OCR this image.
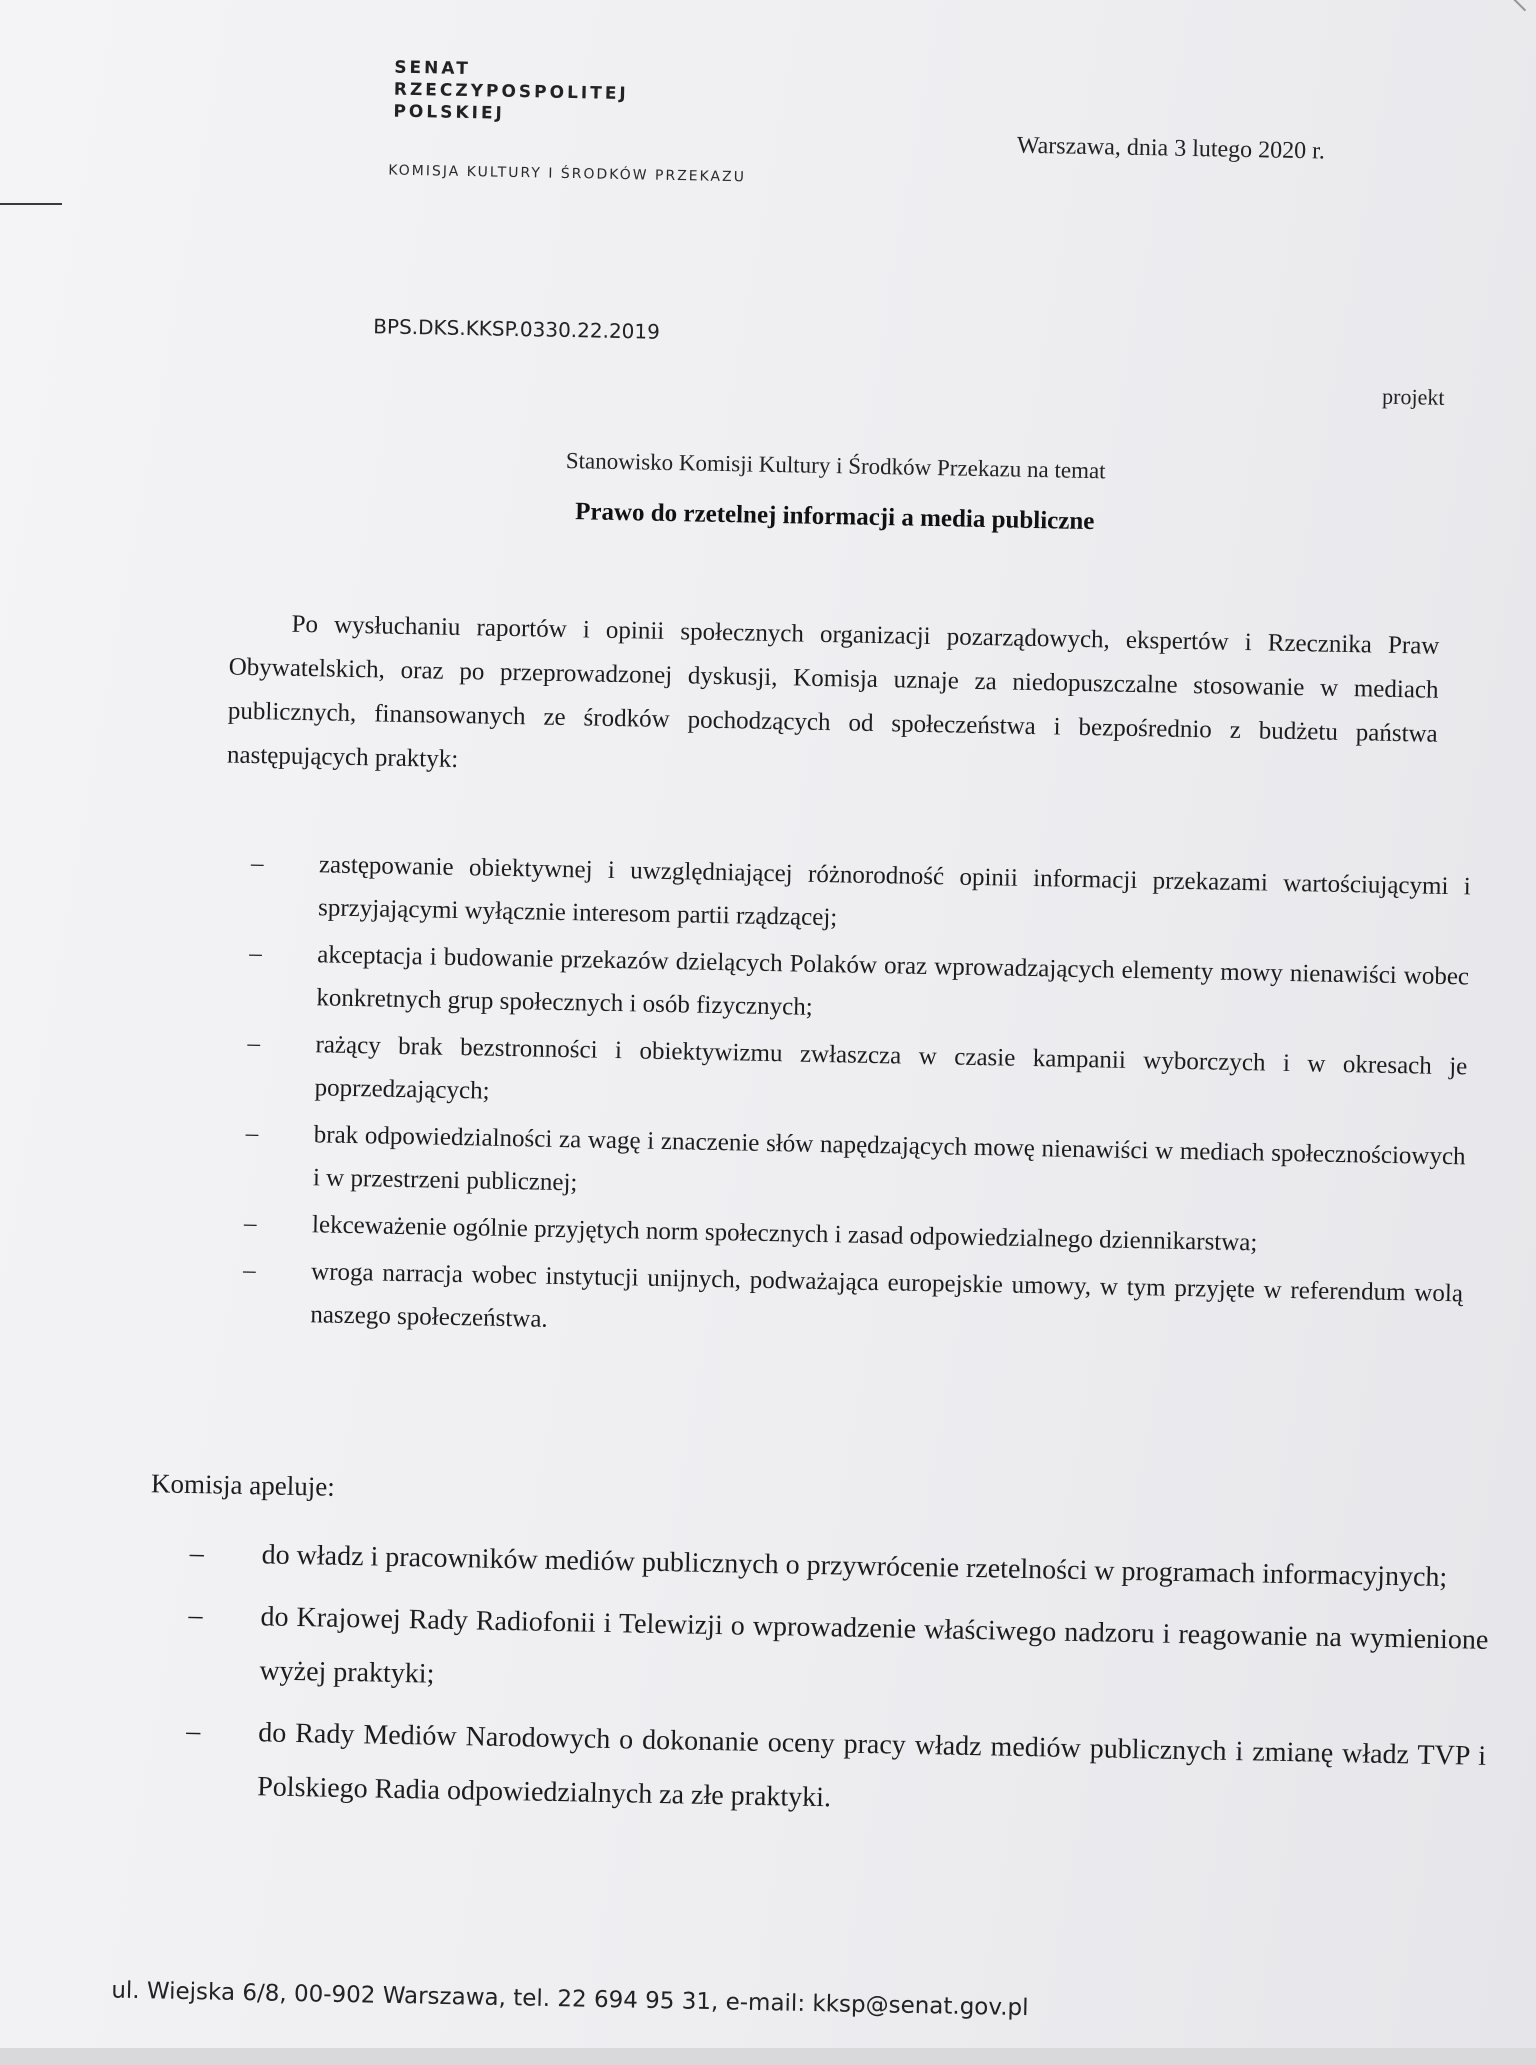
SENAT
RZECZYPOSPOLITEJ
POLSKIEJ
KOMISJA KULTURY I ŚRODKÓW PRZEKAZU
Warszawa, dnia 3 lutego 2020 r.
BPS.DKS.KKSP.0330.22.2019
projekt
Stanowisko Komisji Kultury i Środków Przekazu na temat
Prawo do rzetelnej informacji a media publiczne
Po wysłuchaniu raportów i opinii społecznych organizacji pozarządowych, ekspertów i Rzecznika Praw Obywatelskich, oraz po przeprowadzonej dyskusji, Komisja uznaje za niedopuszczalne stosowanie w mediach publicznych, finansowanych ze środków pochodzących od społeczeństwa i bezpośrednio z budżetu państwa następujących praktyk:
– zastępowanie obiektywnej i uwzględniającej różnorodność opinii informacji przekazami wartościującymi i sprzyjającymi wyłącznie interesom partii rządzącej;
– akceptacja i budowanie przekazów dzielących Polaków oraz wprowadzających elementy mowy nienawiści wobec konkretnych grup społecznych i osób fizycznych;
– rażący brak bezstronności i obiektywizmu zwłaszcza w czasie kampanii wyborczych i w okresach je poprzedzających;
– brak odpowiedzialności za wagę i znaczenie słów napędzających mowę nienawiści w mediach społecznościowych i w przestrzeni publicznej;
– lekceważenie ogólnie przyjętych norm społecznych i zasad odpowiedzialnego dziennikarstwa;
– wroga narracja wobec instytucji unijnych, podważająca europejskie umowy, w tym przyjęte w referendum wolą naszego społeczeństwa.
Komisja apeluje:
– do władz i pracowników mediów publicznych o przywrócenie rzetelności w programach informacyjnych;
– do Krajowej Rady Radiofonii i Telewizji o wprowadzenie właściwego nadzoru i reagowanie na wymienione wyżej praktyki;
– do Rady Mediów Narodowych o dokonanie oceny pracy władz mediów publicznych i zmianę władz TVP i Polskiego Radia odpowiedzialnych za złe praktyki.
ul. Wiejska 6/8, 00-902 Warszawa, tel. 22 694 95 31, e-mail: kksp@senat.gov.pl
